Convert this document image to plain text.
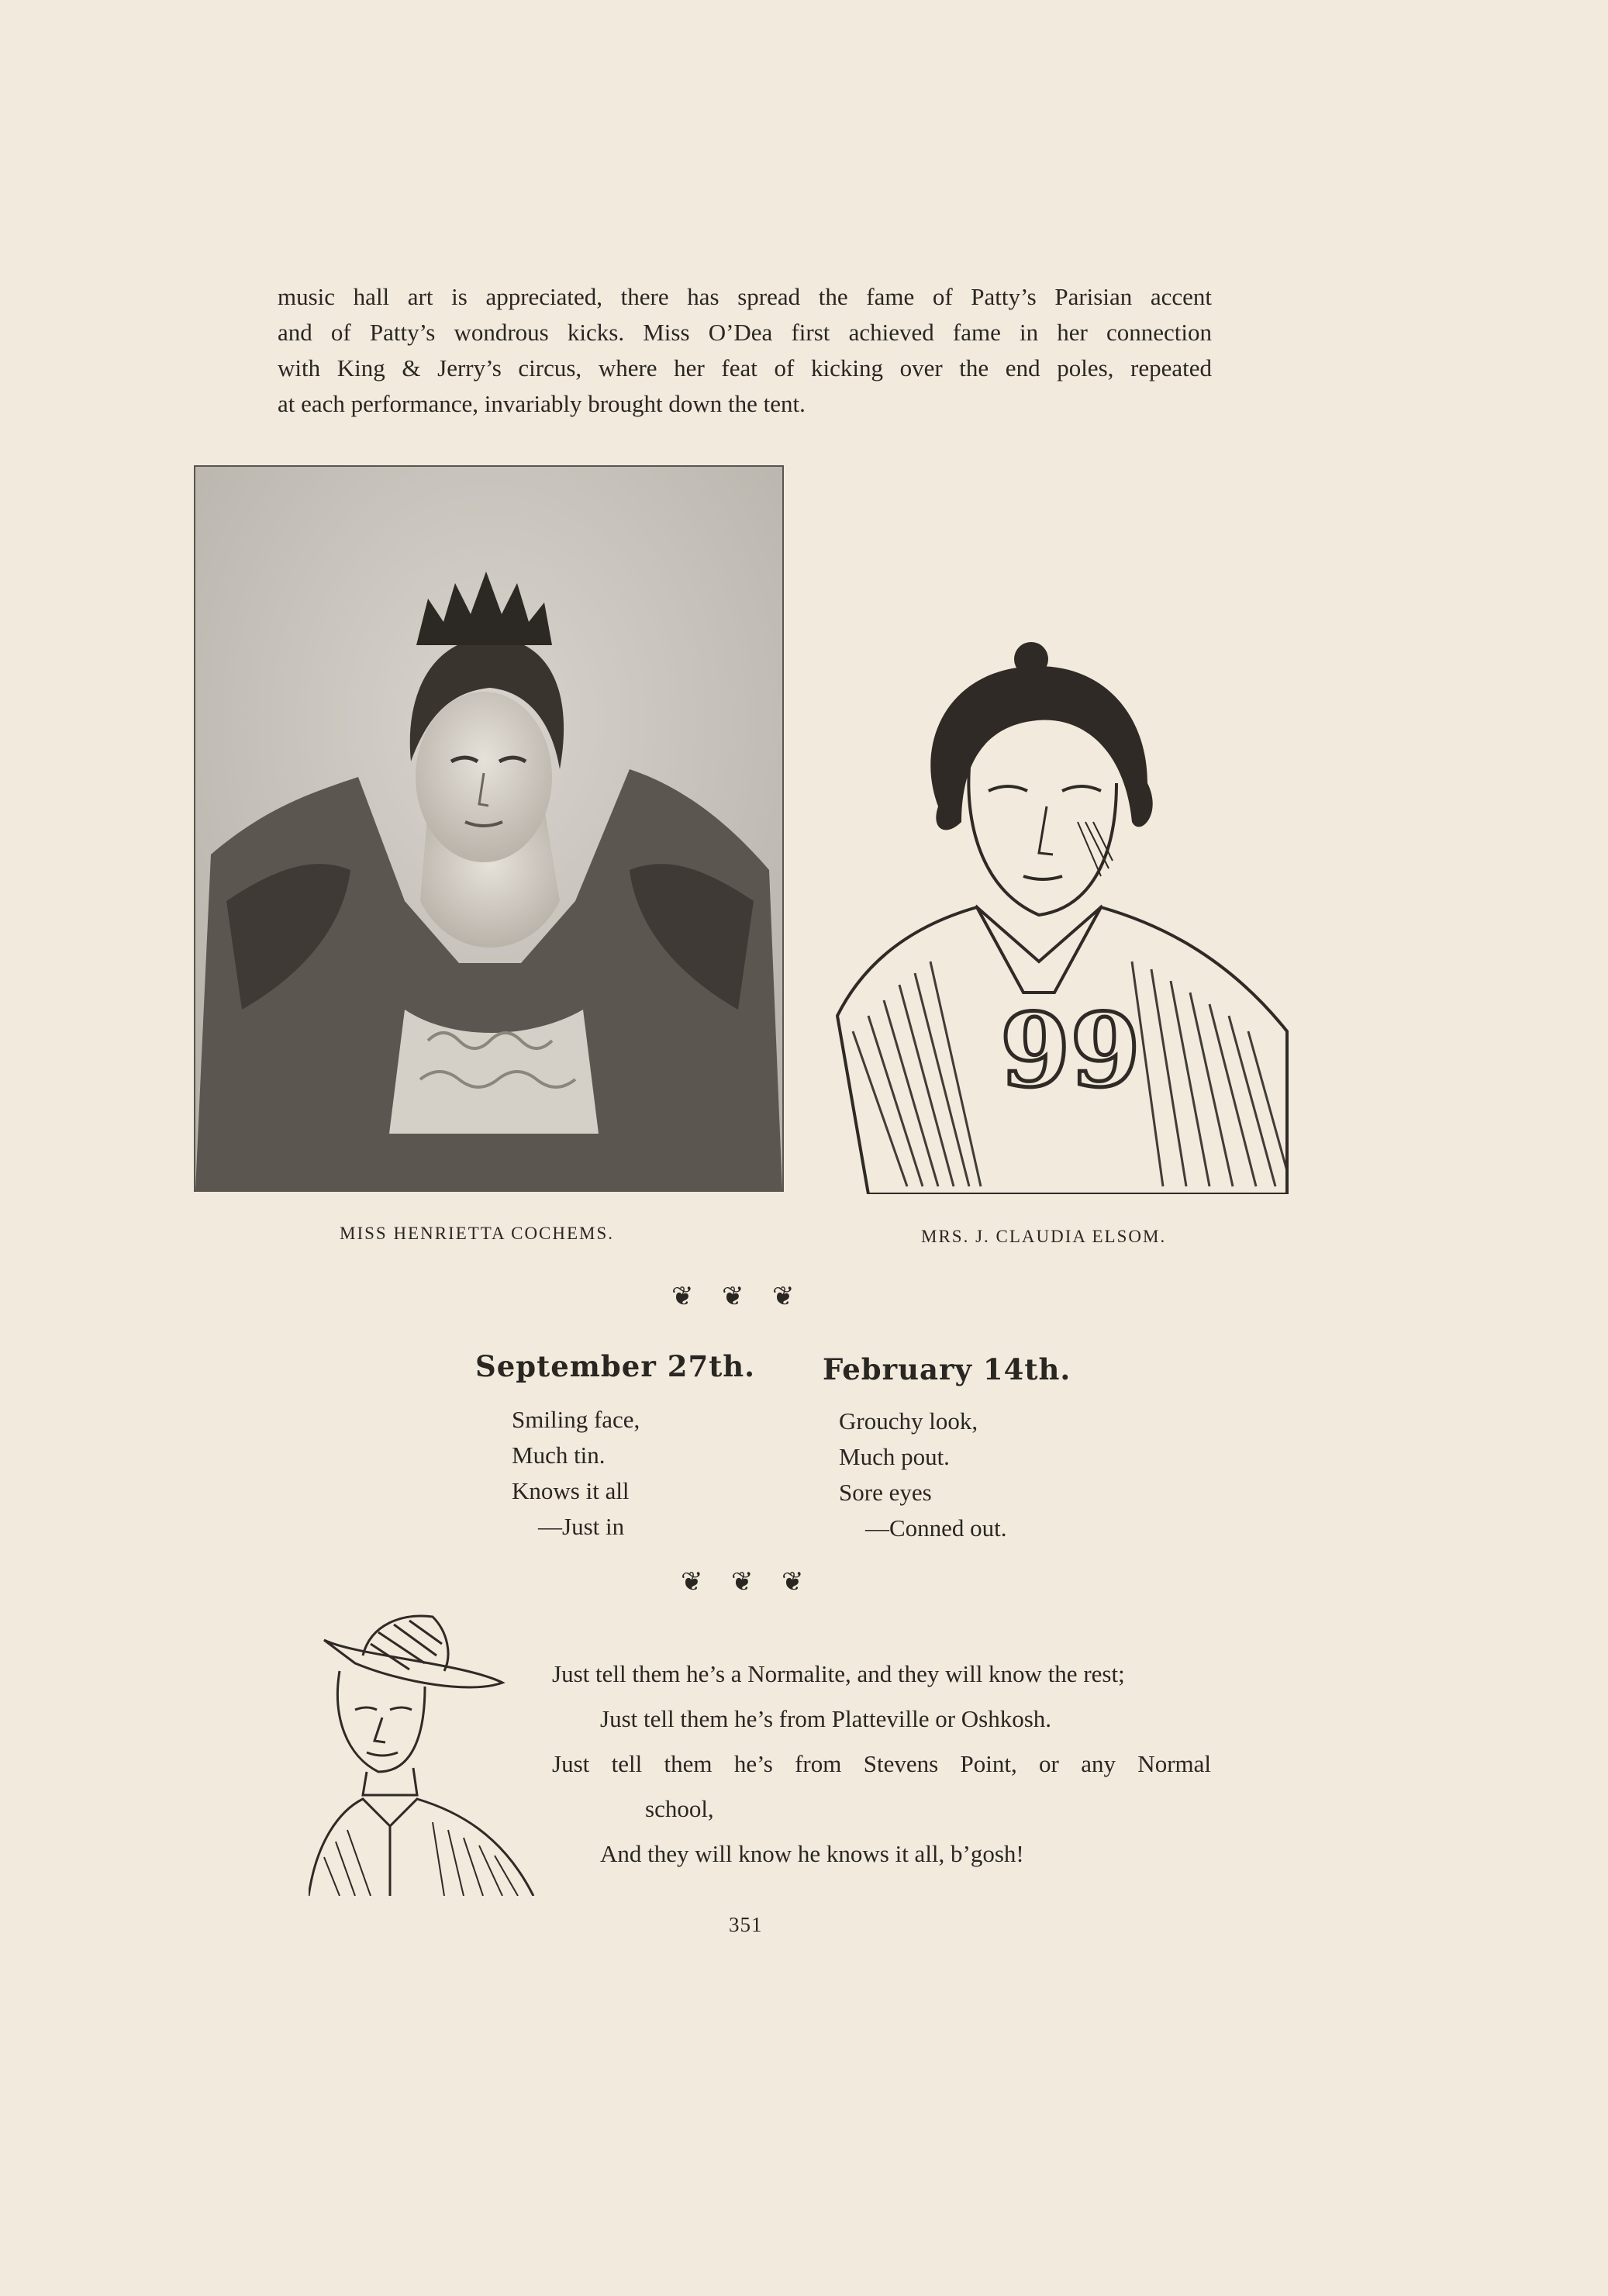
music hall art is appreciated, there has spread the fame of Patty’s Parisian accent
and of Patty’s wondrous kicks. Miss O’Dea first achieved fame in her connection
with King & Jerry’s circus, where her feat of kicking over the end poles, repeated
at each performance, invariably brought down the tent.
99
MISS HENRIETTA COCHEMS.	MRS. J. CLAUDIA ELSOM.
❦ ❦ ❦
September 27th. February 14th.
Smiling face,
Much tin.
Knows it all
—Just in
Grouchy look,
Much pout.
Sore eyes
—Conned out.
❦ ❦ ❦
Just tell them he’s a Normalite, and they will know the rest;
Just tell them he’s from Platteville or Oshkosh.
Just tell them he’s from Stevens Point, or any Normal
school,
And they will know he knows it all, b’gosh!
351
